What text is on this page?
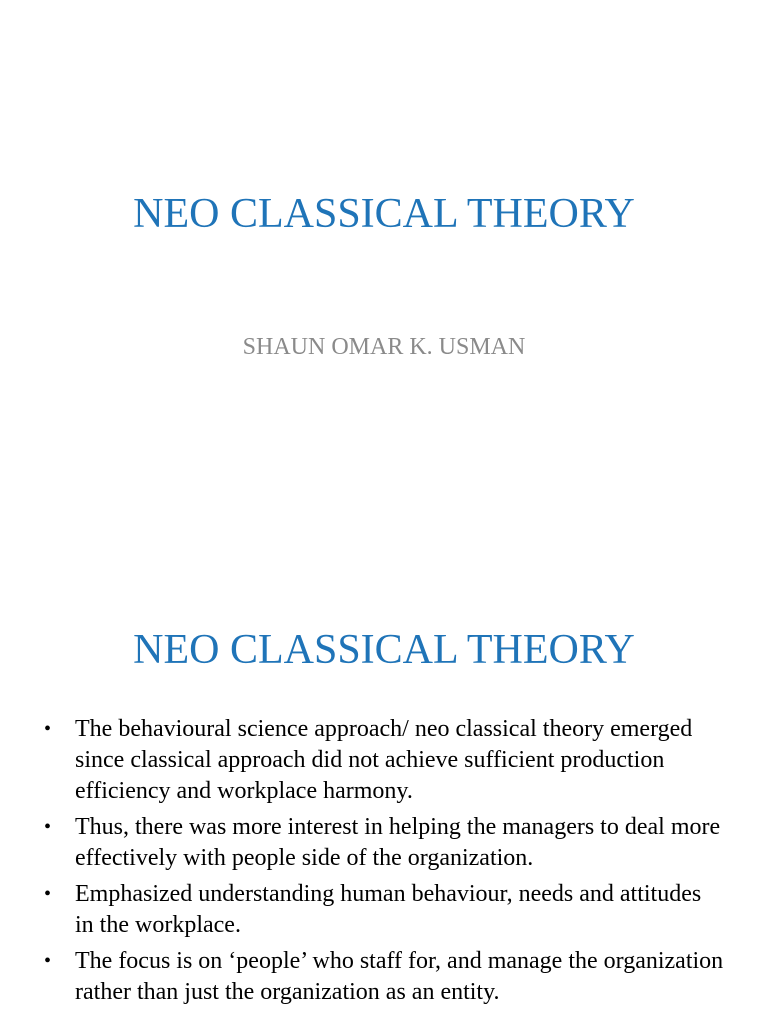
NEO CLASSICAL THEORY

SHAUN OMAR K. USMAN

NEO CLASSICAL THEORY
• The behavioural science approach/ neo classical theory emerged since classical approach did not achieve sufficient production efficiency and workplace harmony.
• Thus, there was more interest in helping the managers to deal more effectively with people side of the organization.
• Emphasized understanding human behaviour, needs and attitudes in the workplace.
• The focus is on ‘people’ who staff for, and manage the organization rather than just the organization as an entity.
